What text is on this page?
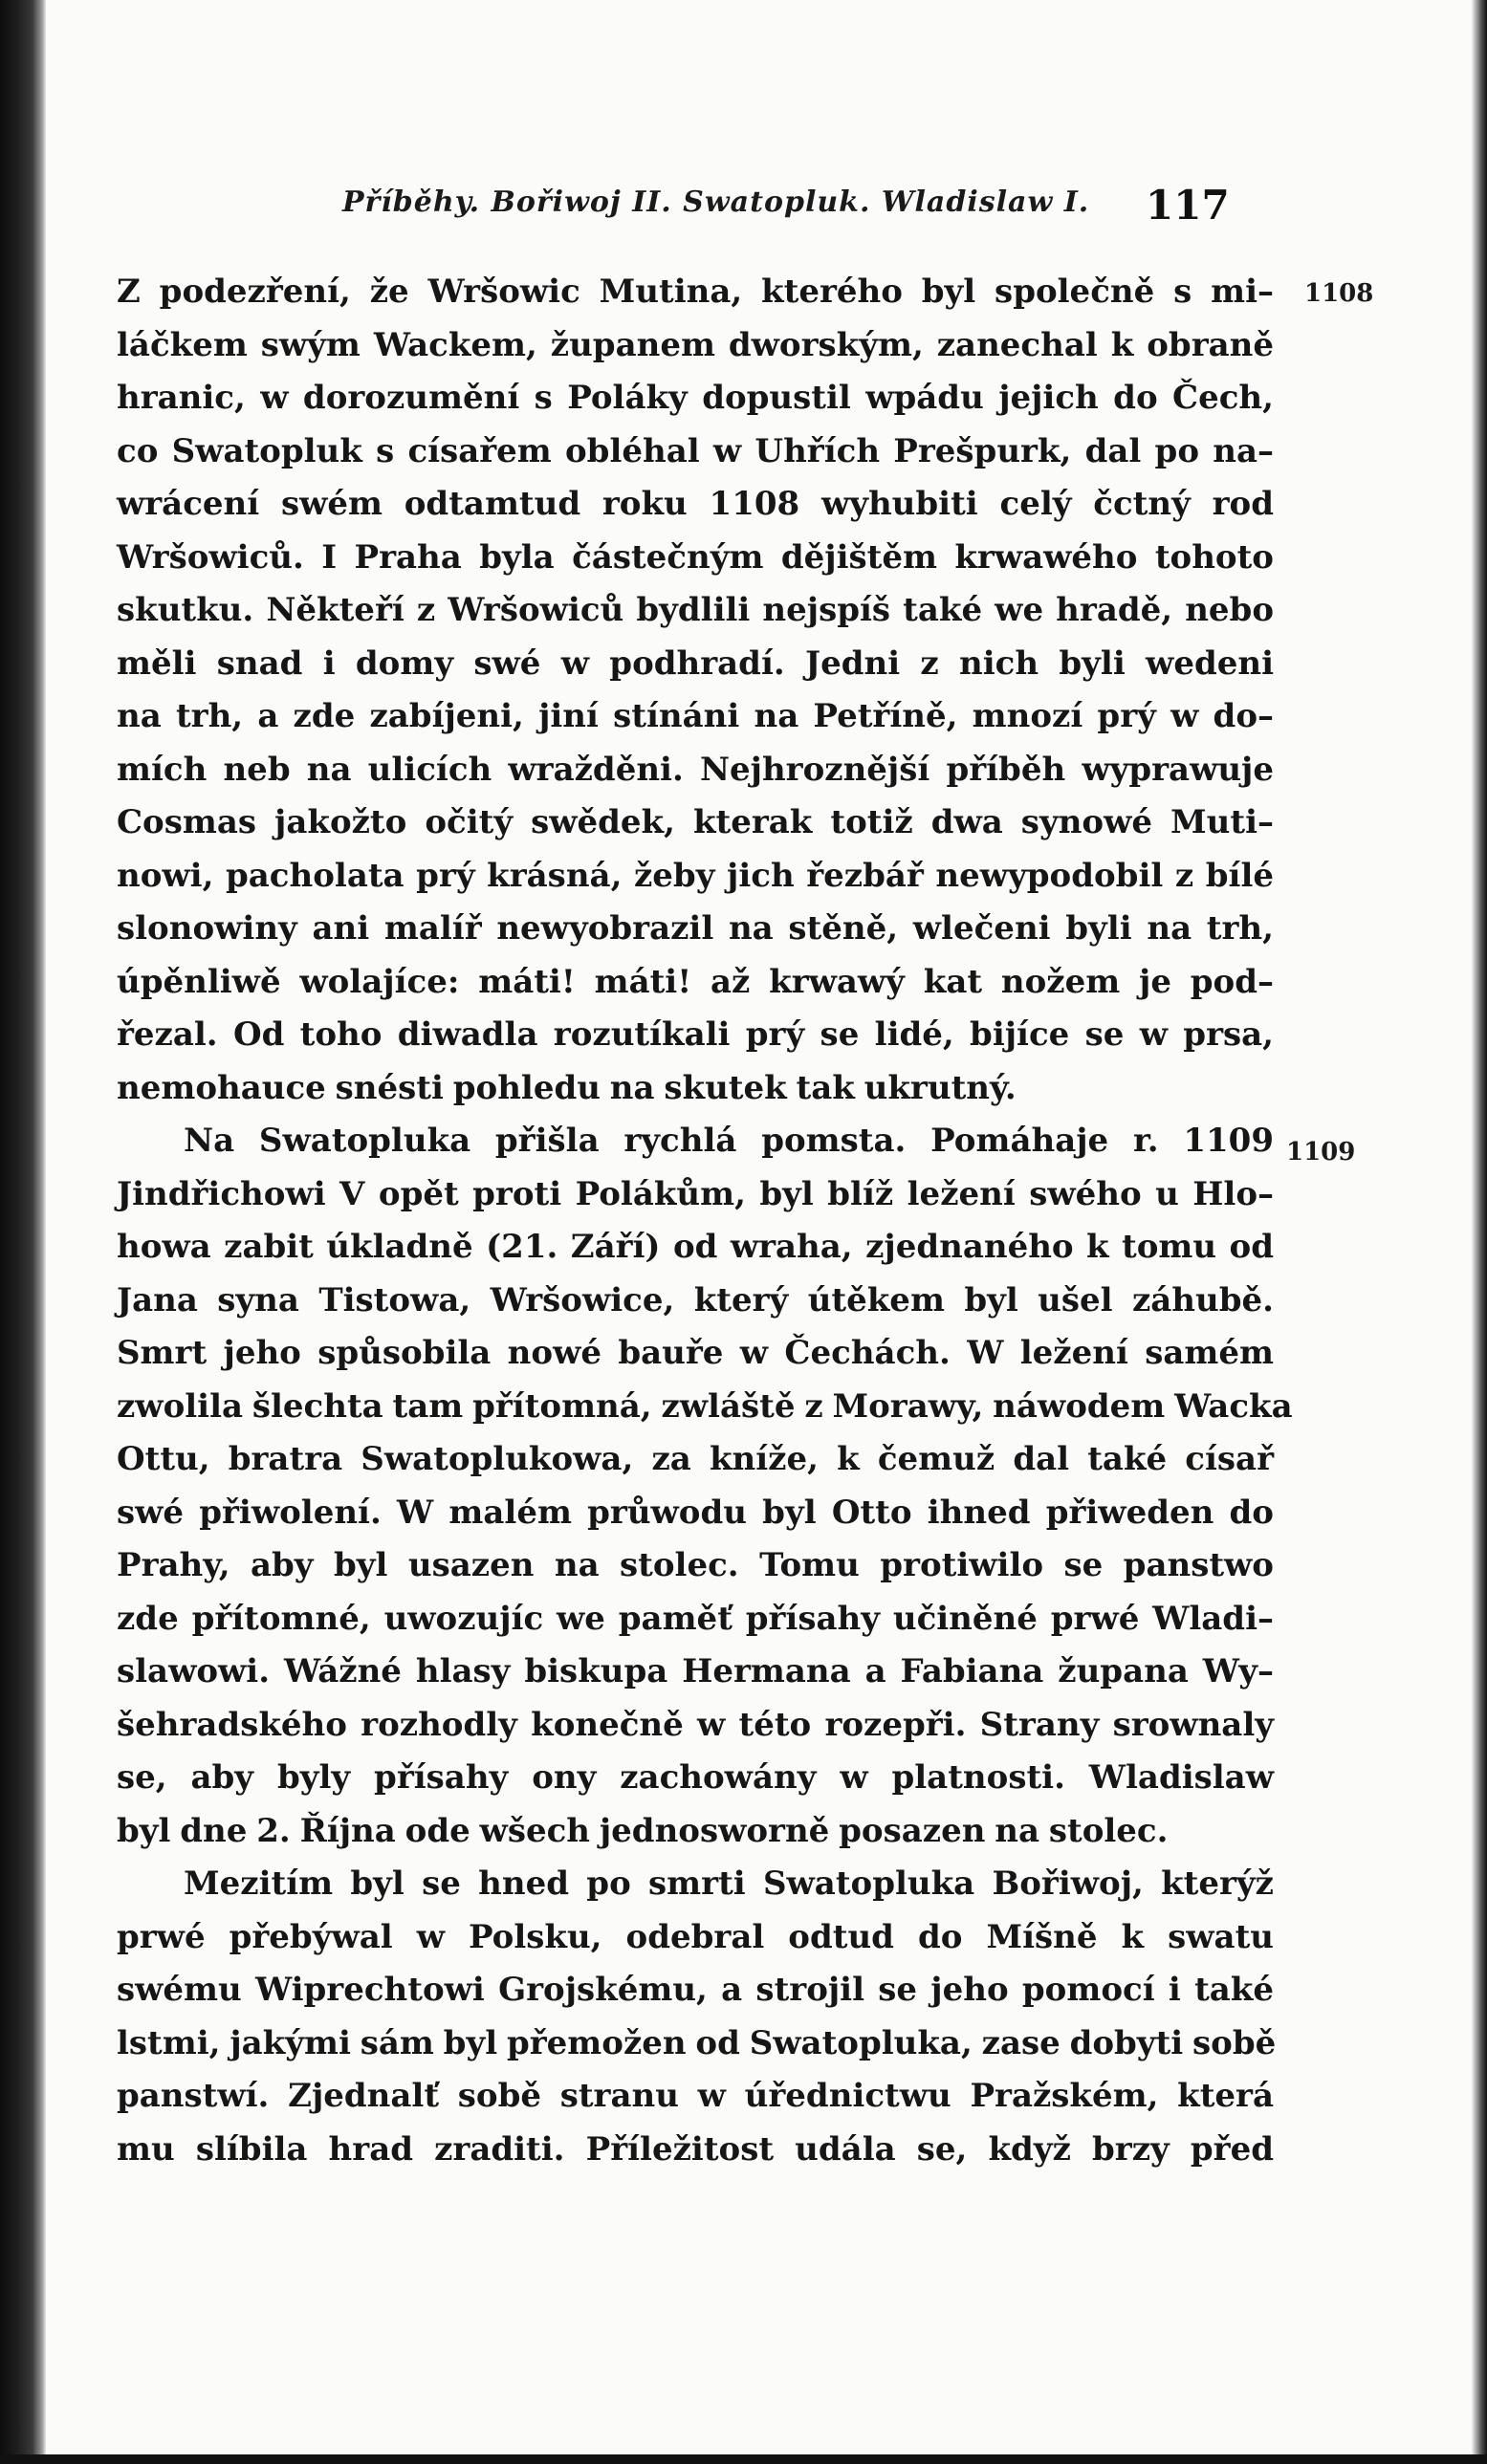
Příběhy. Bořiwoj II. Swatopluk. Wladislaw I. 117
Z podezření, že Wršowic Mutina, kterého byl společně s mi–
láčkem swým Wackem, županem dworským, zanechal k obraně
hranic, w dorozumění s Poláky dopustil wpádu jejich do Čech,
co Swatopluk s císařem obléhal w Uhřích Prešpurk, dal po na–
wrácení swém odtamtud roku 1108 wyhubiti celý čctný rod
Wršowiců. I Praha byla částečným dějištěm krwawého tohoto
skutku. Někteří z Wršowiců bydlili nejspíš také we hradě, nebo
měli snad i domy swé w podhradí. Jedni z nich byli wedeni
na trh, a zde zabíjeni, jiní stínáni na Petříně, mnozí prý w do–
mích neb na ulicích wražděni. Nejhroznější příběh wyprawuje
Cosmas jakožto očitý swědek, kterak totiž dwa synowé Muti–
nowi, pacholata prý krásná, žeby jich řezbář newypodobil z bílé
slonowiny ani malíř newyobrazil na stěně, wlečeni byli na trh,
úpěnliwě wolajíce: máti! máti! až krwawý kat nožem je pod–
řezal. Od toho diwadla rozutíkali prý se lidé, bijíce se w prsa,
nemohauce snésti pohledu na skutek tak ukrutný.
Na Swatopluka přišla rychlá pomsta. Pomáhaje r. 1109
Jindřichowi V opět proti Polákům, byl blíž ležení swého u Hlo–
howa zabit úkladně (21. Září) od wraha, zjednaného k tomu od
Jana syna Tistowa, Wršowice, který útěkem byl ušel záhubě.
Smrt jeho spůsobila nowé bauře w Čechách. W ležení samém
zwolila šlechta tam přítomná, zwláště z Morawy, náwodem Wacka
Ottu, bratra Swatoplukowa, za kníže, k čemuž dal také císař
swé přiwolení. W malém průwodu byl Otto ihned přiweden do
Prahy, aby byl usazen na stolec. Tomu protiwilo se panstwo
zde přítomné, uwozujíc we paměť přísahy učiněné prwé Wladi–
slawowi. Wážné hlasy biskupa Hermana a Fabiana župana Wy–
šehradského rozhodly konečně w této rozepři. Strany srownaly
se, aby byly přísahy ony zachowány w platnosti. Wladislaw
byl dne 2. Října ode wšech jednosworně posazen na stolec.
Mezitím byl se hned po smrti Swatopluka Bořiwoj, kterýž
prwé přebýwal w Polsku, odebral odtud do Míšně k swatu
swému Wiprechtowi Grojskému, a strojil se jeho pomocí i také
lstmi, jakými sám byl přemožen od Swatopluka, zase dobyti sobě
panstwí. Zjednalť sobě stranu w úřednictwu Pražském, která
mu slíbila hrad zraditi. Příležitost udála se, když brzy před
1108
1109
